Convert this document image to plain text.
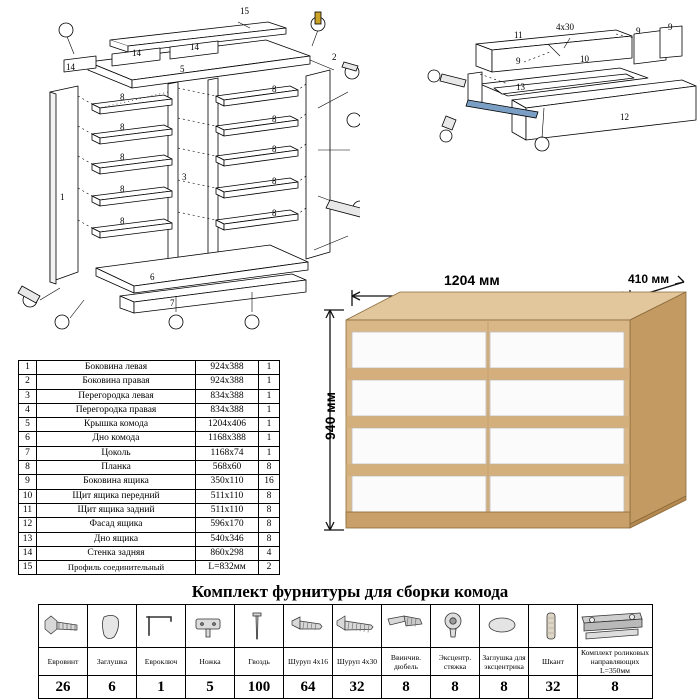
15
14
14
14
5
1
3
8
8
8
8
8
8
8
8
8
8
6
7
2
11
4х30	9	9
9
13
10
12
1204 мм	410 мм
940 мм
1	Боковина левая	924x388	1
2	Боковина правая	924x388	1
3	Перегородка левая	834x388	1
4	Перегородка правая	834x388	1
5	Крышка комода	1204x406	1
6	Дно комода	1168x388	1
7	Цоколь	1168х74	1
8	Планка	568x60	8
9	Боковина ящика	350x110	16
10	Щит ящика передний	511x110	8
11	Щит ящика задний	511x110	8
12	Фасад ящика	596x170	8
13	Дно ящика	540х346	8
14	Стенка задняя	860х298	4
15	Профиль соединительный	L=832мм	2
Комплект фурнитуры для сборки комода

Евровинт	Заглушка	Евроключ	Ножка	Гвоздь	Шуруп 4х16	Шуруп 4х30	Ввинчив. дюбель	Эксцентр. стяжка	Заглушка для эксцентрика	Шкант	Комплект роликовых направляющих L=350мм
26	6	1	5	100	64	32	8	8	8	32	8
